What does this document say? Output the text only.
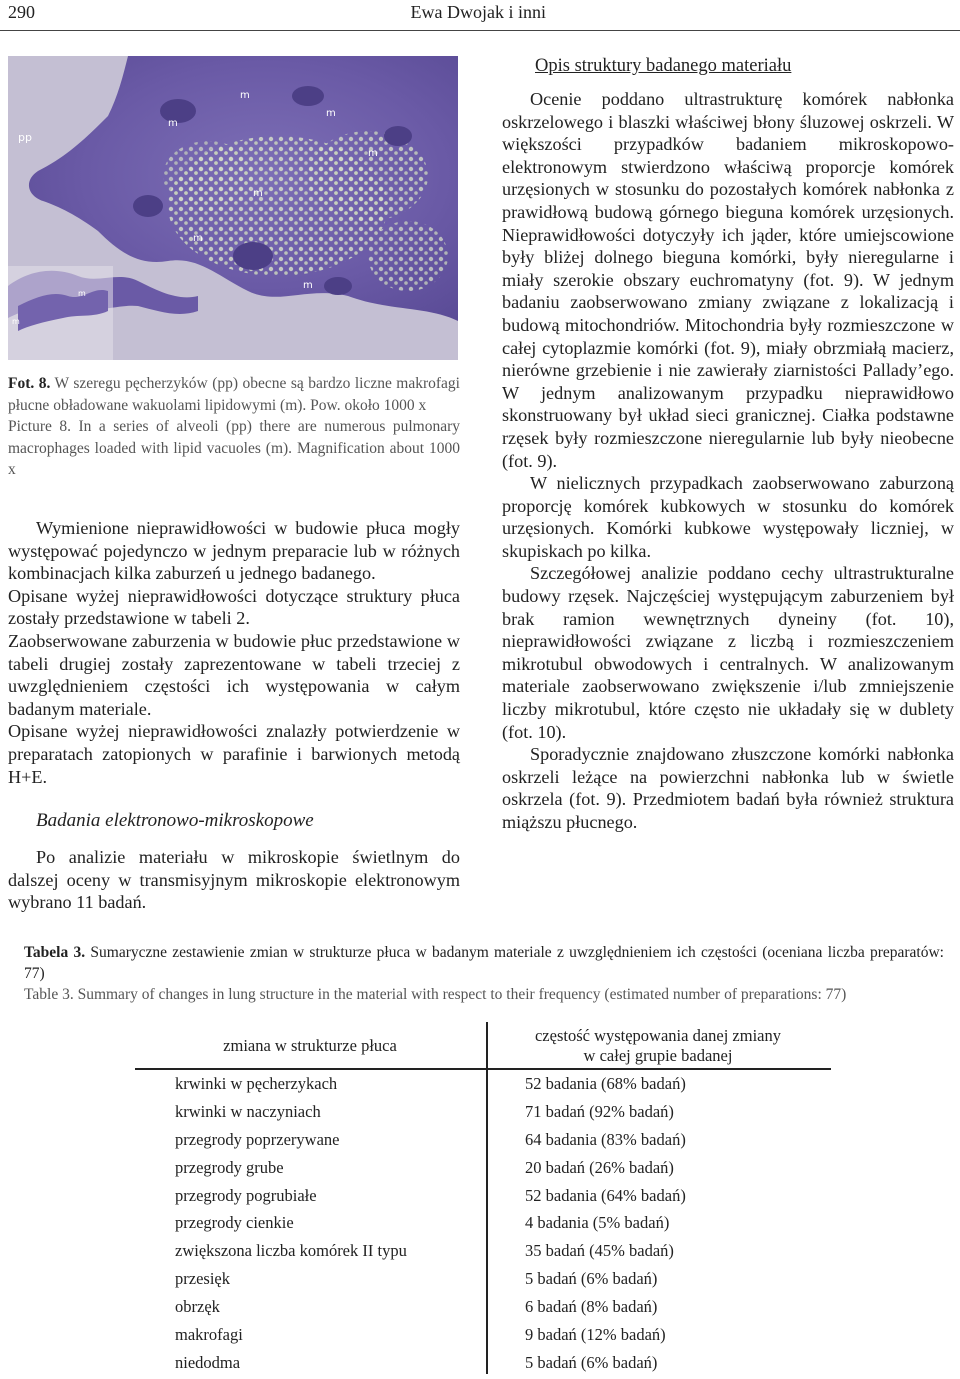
290	Ewa Dwojak i inni
pp
m
m
m
m
m
m
m
m
m

Fot. 8. W szeregu pęcherzyków (pp) obecne są bardzo liczne makrofagi płucne obładowane wakuolami lipidowymi (m). Pow. około 1000 x

Picture 8. In a series of alveoli (pp) there are numerous pulmonary macrophages loaded with lipid vacuoles (m). Magnification about 1000 x

Wymienione nieprawidłowości w budowie płuca mogły występować pojedynczo w jednym preparacie lub w różnych kombinacjach kilka zaburzeń u jednego badanego.

Opisane wyżej nieprawidłowości dotyczące struktury płuca zostały przedstawione w tabeli 2.

Zaobserwowane zaburzenia w budowie płuc przedstawione w tabeli drugiej zostały zaprezentowane w tabeli trzeciej z uwzględnieniem częstości ich występowania w całym badanym materiale.

Opisane wyżej nieprawidłowości znalazły potwierdzenie w preparatach zatopionych w parafinie i barwionych metodą H+E.

Badania elektronowo-mikroskopowe

Po analizie materiału w mikroskopie świetlnym do dalszej oceny w transmisyjnym mikroskopie elektronowym wybrano 11 badań.

Opis struktury badanego materiału

Ocenie poddano ultrastrukturę komórek nabłonka oskrzelowego i blaszki właściwej błony śluzowej oskrzeli. W większości przypadków badaniem mikroskopowo-elektronowym stwierdzono właściwą proporcje komórek urzęsionych w stosunku do pozostałych komórek nabłonka z prawidłową budową górnego bieguna komórek urzęsionych. Nieprawidłowości dotyczyły ich jąder, które umiejscowione były bliżej dolnego bieguna komórki, były nieregularne i miały szerokie obszary euchromatyny (fot. 9). W jednym badaniu zaobserwowano zmiany związane z lokalizacją i budową mitochondriów. Mitochondria były rozmieszczone w całej cytoplazmie komórki (fot. 9), miały obrzmiałą macierz, nierówne grzebienie i nie zawierały ziarnistości Pallady’ego. W jednym analizowanym przypadku nieprawidłowo skonstruowany był układ sieci granicznej. Ciałka podstawne rzęsek były rozmieszczone nieregularnie lub były nieobecne (fot. 9).

W nielicznych przypadkach zaobserwowano zaburzoną proporcję komórek kubkowych w stosunku do komórek urzęsionych. Komórki kubkowe występowały liczniej, w skupiskach po kilka.

Szczegółowej analizie poddano cechy ultrastrukturalne budowy rzęsek. Najczęściej występującym zaburzeniem był brak ramion wewnętrznych dyneiny (fot. 10), nieprawidłowości związane z liczbą i rozmieszczeniem mikrotubul obwodowych i centralnych. W analizowanym materiale zaobserwowano zwiększenie i/lub zmniejszenie liczby mikrotubul, które często nie układały się w dublety (fot. 10).

Sporadycznie znajdowano złuszczone komórki nabłonka oskrzeli leżące na powierzchni nabłonka lub w świetle oskrzela (fot. 9). Przedmiotem badań była również struktura miąższu płucnego.

Tabela 3. Sumaryczne zestawienie zmian w strukturze płuca w badanym materiale z uwzględnieniem ich częstości (oceniana liczba preparatów: 77)

Table 3. Summary of changes in lung structure in the material with respect to their frequency (estimated number of preparations: 77)

zmiana w strukturze płuca
częstość występowania danej zmiany
w całej grupie badanej
krwinki w pęcherzykach	52 badania (68% badań)
krwinki w naczyniach	71 badań (92% badań)
przegrody poprzerywane	64 badania (83% badań)
przegrody grube	20 badań (26% badań)
przegrody pogrubiałe	52 badania (64% badań)
przegrody cienkie	4 badania (5% badań)
zwiększona liczba komórek II typu	35 badań (45% badań)
przesięk	5 badań (6% badań)
obrzęk	6 badań (8% badań)
makrofagi	9 badań (12% badań)
niedodma	5 badań (6% badań)
